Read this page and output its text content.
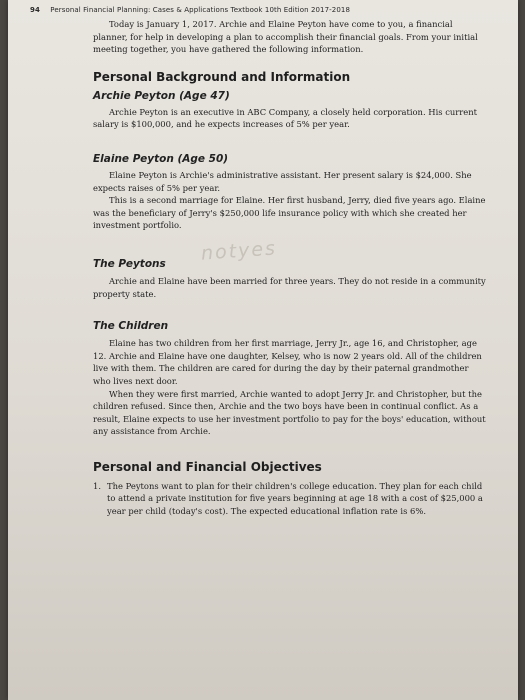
94 Personal Financial Planning: Cases & Applications Textbook 10th Edition 2017-2018

Today is January 1, 2017. Archie and Elaine Peyton have come to you, a financial planner, for help in developing a plan to accomplish their financial goals. From your initial meeting together, you have gathered the following information.

Personal Background and Information
Archie Peyton (Age 47)

Archie Peyton is an executive in ABC Company, a closely held corporation. His current salary is $100,000, and he expects increases of 5% per year.

Elaine Peyton (Age 50)

Elaine Peyton is Archie's administrative assistant. Her present salary is $24,000. She expects raises of 5% per year.

This is a second marriage for Elaine. Her first husband, Jerry, died five years ago. Elaine was the beneficiary of Jerry's $250,000 life insurance policy with which she created her investment portfolio.

The Peytons

Archie and Elaine have been married for three years. They do not reside in a community property state.

The Children

Elaine has two children from her first marriage, Jerry Jr., age 16, and Christopher, age 12. Archie and Elaine have one daughter, Kelsey, who is now 2 years old. All of the children live with them. The children are cared for during the day by their paternal grandmother who lives next door.

When they were first married, Archie wanted to adopt Jerry Jr. and Christopher, but the children refused. Since then, Archie and the two boys have been in continual conflict. As a result, Elaine expects to use her investment portfolio to pay for the boys' education, without any assistance from Archie.

Personal and Financial Objectives
1. The Peytons want to plan for their children's college education. They plan for each child to attend a private institution for five years beginning at age 18 with a cost of $25,000 a year per child (today's cost). The expected educational inflation rate is 6%.

notyes
